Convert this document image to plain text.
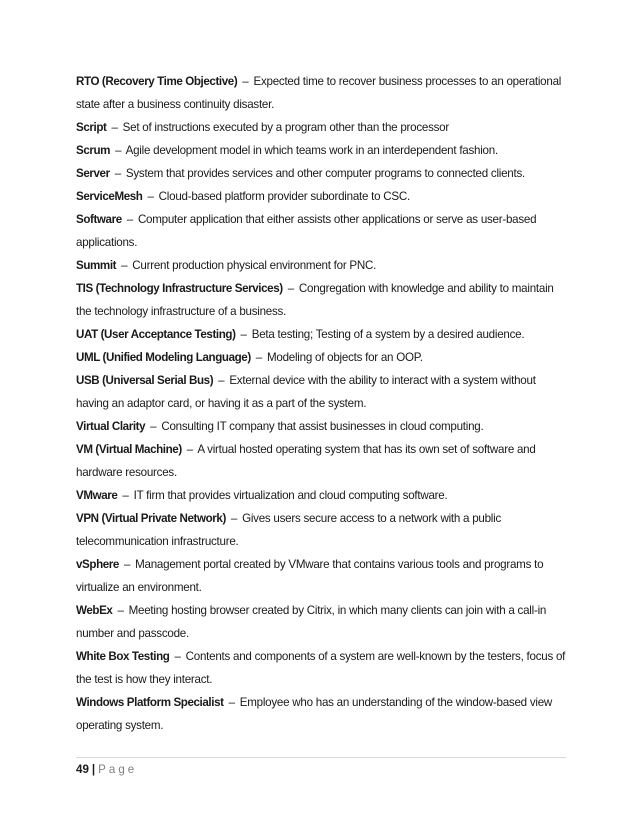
RTO (Recovery Time Objective) – Expected time to recover business processes to an operational state after a business continuity disaster.
Script – Set of instructions executed by a program other than the processor
Scrum – Agile development model in which teams work in an interdependent fashion.
Server – System that provides services and other computer programs to connected clients.
ServiceMesh – Cloud-based platform provider subordinate to CSC.
Software – Computer application that either assists other applications or serve as user-based applications.
Summit – Current production physical environment for PNC.
TIS (Technology Infrastructure Services) – Congregation with knowledge and ability to maintain the technology infrastructure of a business.
UAT (User Acceptance Testing) – Beta testing; Testing of a system by a desired audience.
UML (Unified Modeling Language) – Modeling of objects for an OOP.
USB (Universal Serial Bus) – External device with the ability to interact with a system without having an adaptor card, or having it as a part of the system.
Virtual Clarity – Consulting IT company that assist businesses in cloud computing.
VM (Virtual Machine) – A virtual hosted operating system that has its own set of software and hardware resources.
VMware – IT firm that provides virtualization and cloud computing software.
VPN (Virtual Private Network) – Gives users secure access to a network with a public telecommunication infrastructure.
vSphere – Management portal created by VMware that contains various tools and programs to virtualize an environment.
WebEx – Meeting hosting browser created by Citrix, in which many clients can join with a call-in number and passcode.
White Box Testing – Contents and components of a system are well-known by the testers, focus of the test is how they interact.
Windows Platform Specialist – Employee who has an understanding of the window-based view operating system.
49 | Page
